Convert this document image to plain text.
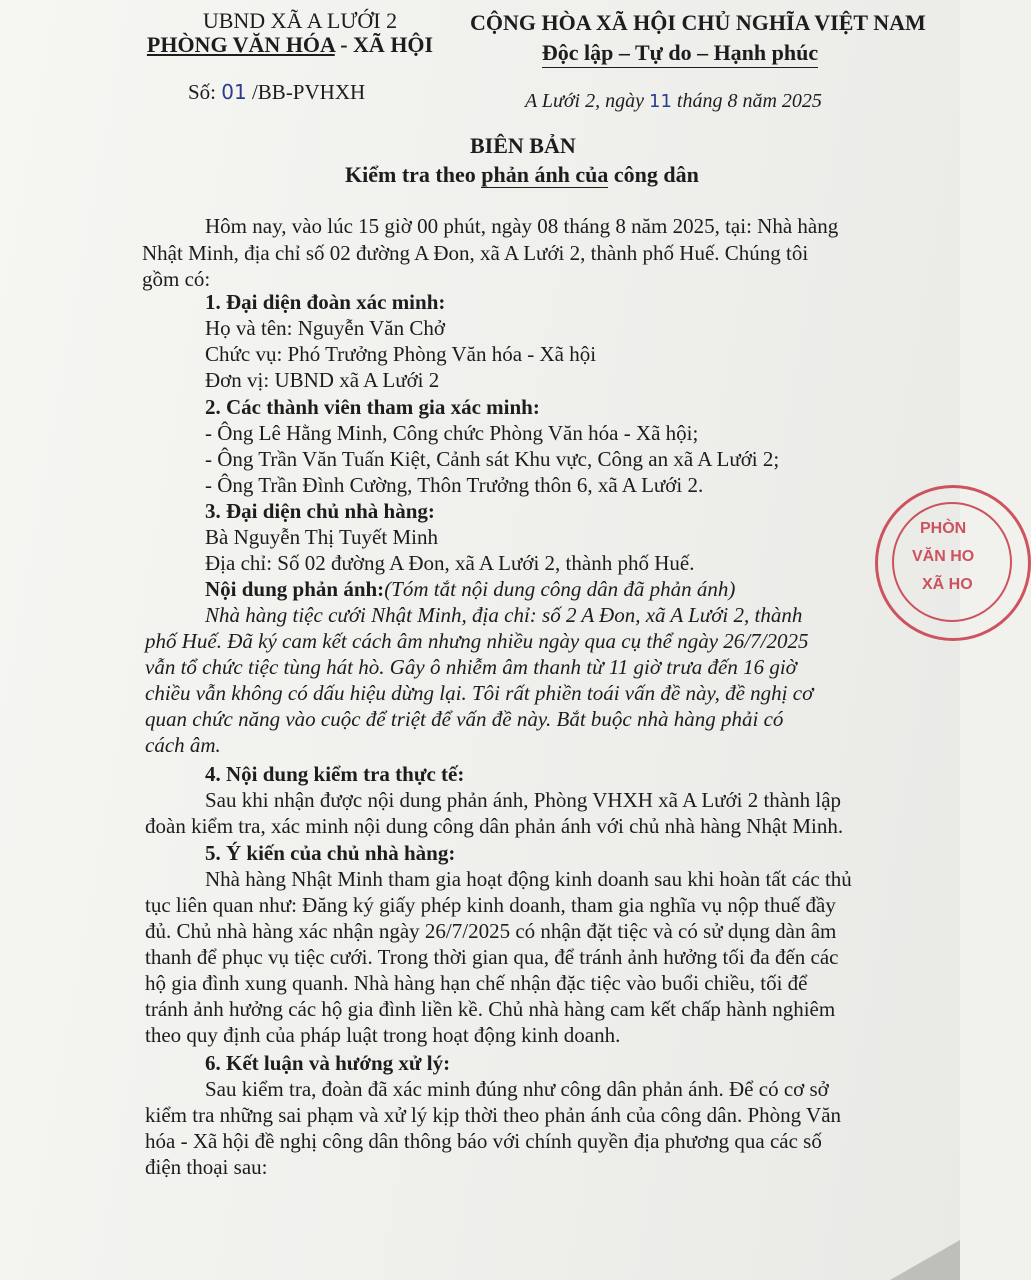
UBND XÃ A LƯỚI 2
PHÒNG VĂN HÓA - XÃ HỘI
CỘNG HÒA XÃ HỘI CHỦ NGHĨA VIỆT NAM
Độc lập – Tự do – Hạnh phúc
Số: 01 /BB-PVHXH	A Lưới 2, ngày 11 tháng 8 năm 2025
BIÊN BẢN
Kiểm tra theo phản ánh của công dân
Hôm nay, vào lúc 15 giờ 00 phút, ngày 08 tháng 8 năm 2025, tại: Nhà hàng
Nhật Minh, địa chỉ số 02 đường A Đon, xã A Lưới 2, thành phố Huế. Chúng tôi
gồm có:
1. Đại diện đoàn xác minh:
Họ và tên: Nguyễn Văn Chở
Chức vụ: Phó Trưởng Phòng Văn hóa - Xã hội
Đơn vị: UBND xã A Lưới 2
2. Các thành viên tham gia xác minh:
- Ông Lê Hằng Minh, Công chức Phòng Văn hóa - Xã hội;
- Ông Trần Văn Tuấn Kiệt, Cảnh sát Khu vực, Công an xã A Lưới 2;
- Ông Trần Đình Cường, Thôn Trưởng thôn 6, xã A Lưới 2.
3. Đại diện chủ nhà hàng:
Bà Nguyễn Thị Tuyết Minh
Địa chỉ: Số 02 đường A Đon, xã A Lưới 2, thành phố Huế.
Nội dung phản ánh:(Tóm tắt nội dung công dân đã phản ánh)
Nhà hàng tiệc cưới Nhật Minh, địa chỉ: số 2 A Đon, xã A Lưới 2, thành
phố Huế. Đã ký cam kết cách âm nhưng nhiều ngày qua cụ thể ngày 26/7/2025
vẫn tổ chức tiệc tùng hát hò. Gây ô nhiễm âm thanh từ 11 giờ trưa đến 16 giờ
chiều vẫn không có dấu hiệu dừng lại. Tôi rất phiền toái vấn đề này, đề nghị cơ
quan chức năng vào cuộc để triệt để vấn đề này. Bắt buộc nhà hàng phải có
cách âm.
4. Nội dung kiểm tra thực tế:
Sau khi nhận được nội dung phản ánh, Phòng VHXH xã A Lưới 2 thành lập
đoàn kiểm tra, xác minh nội dung công dân phản ánh với chủ nhà hàng Nhật Minh.
5. Ý kiến của chủ nhà hàng:
Nhà hàng Nhật Minh tham gia hoạt động kinh doanh sau khi hoàn tất các thủ
tục liên quan như: Đăng ký giấy phép kinh doanh, tham gia nghĩa vụ nộp thuế đầy
đủ. Chủ nhà hàng xác nhận ngày 26/7/2025 có nhận đặt tiệc và có sử dụng dàn âm
thanh để phục vụ tiệc cưới. Trong thời gian qua, để tránh ảnh hưởng tối đa đến các
hộ gia đình xung quanh. Nhà hàng hạn chế nhận đặc tiệc vào buổi chiều, tối để
tránh ảnh hưởng các hộ gia đình liền kề. Chủ nhà hàng cam kết chấp hành nghiêm
theo quy định của pháp luật trong hoạt động kinh doanh.
6. Kết luận và hướng xử lý:
Sau kiểm tra, đoàn đã xác minh đúng như công dân phản ánh. Để có cơ sở
kiểm tra những sai phạm và xử lý kịp thời theo phản ánh của công dân. Phòng Văn
hóa - Xã hội đề nghị công dân thông báo với chính quyền địa phương qua các số
điện thoại sau:
PHÒN
VĂN HO
XÃ HO
